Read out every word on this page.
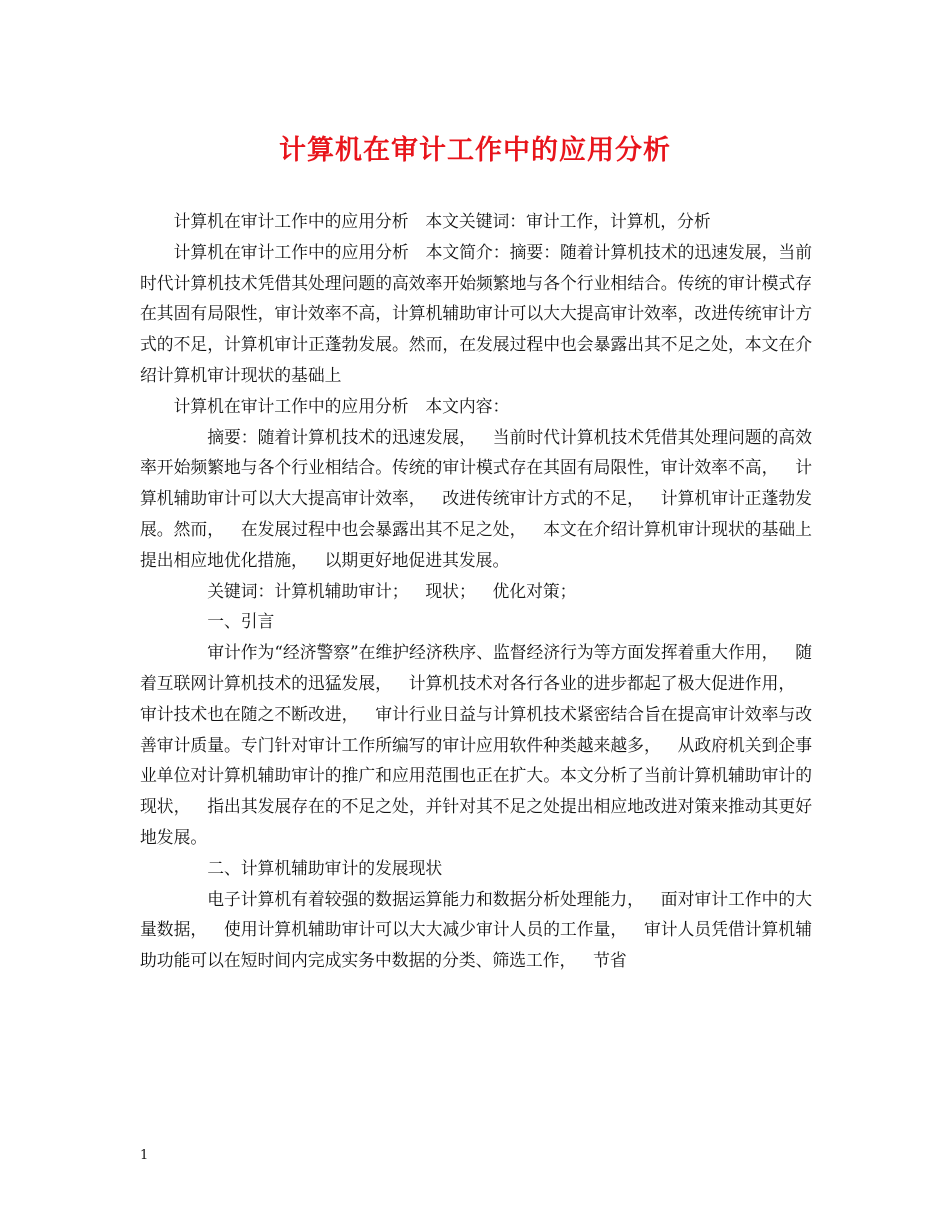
计算机在审计工作中的应用分析

计算机在审计工作中的应用分析 本文关键词：审计工作，计算机，分析

计算机在审计工作中的应用分析 本文简介：摘要：随着计算机技术的迅速发展，当前时代计算机技术凭借其处理问题的高效率开始频繁地与各个行业相结合。传统的审计模式存在其固有局限性，审计效率不高，计算机辅助审计可以大大提高审计效率，改进传统审计方式的不足，计算机审计正蓬勃发展。然而，在发展过程中也会暴露出其不足之处，本文在介绍计算机审计现状的基础上

计算机在审计工作中的应用分析 本文内容：

摘要：随着计算机技术的迅速发展， 当前时代计算机技术凭借其处理问题的高效率开始频繁地与各个行业相结合。传统的审计模式存在其固有局限性，审计效率不高， 计算机辅助审计可以大大提高审计效率， 改进传统审计方式的不足， 计算机审计正蓬勃发展。然而， 在发展过程中也会暴露出其不足之处， 本文在介绍计算机审计现状的基础上提出相应地优化措施， 以期更好地促进其发展。

关键词：计算机辅助审计； 现状； 优化对策；

一、引言

审计作为“经济警察”在维护经济秩序、监督经济行为等方面发挥着重大作用， 随着互联网计算机技术的迅猛发展， 计算机技术对各行各业的进步都起了极大促进作用，审计技术也在随之不断改进， 审计行业日益与计算机技术紧密结合旨在提高审计效率与改善审计质量。专门针对审计工作所编写的审计应用软件种类越来越多， 从政府机关到企事业单位对计算机辅助审计的推广和应用范围也正在扩大。本文分析了当前计算机辅助审计的现状， 指出其发展存在的不足之处，并针对其不足之处提出相应地改进对策来推动其更好地发展。

二、计算机辅助审计的发展现状

电子计算机有着较强的数据运算能力和数据分析处理能力， 面对审计工作中的大量数据， 使用计算机辅助审计可以大大减少审计人员的工作量， 审计人员凭借计算机辅助功能可以在短时间内完成实务中数据的分类、筛选工作， 节省

1
